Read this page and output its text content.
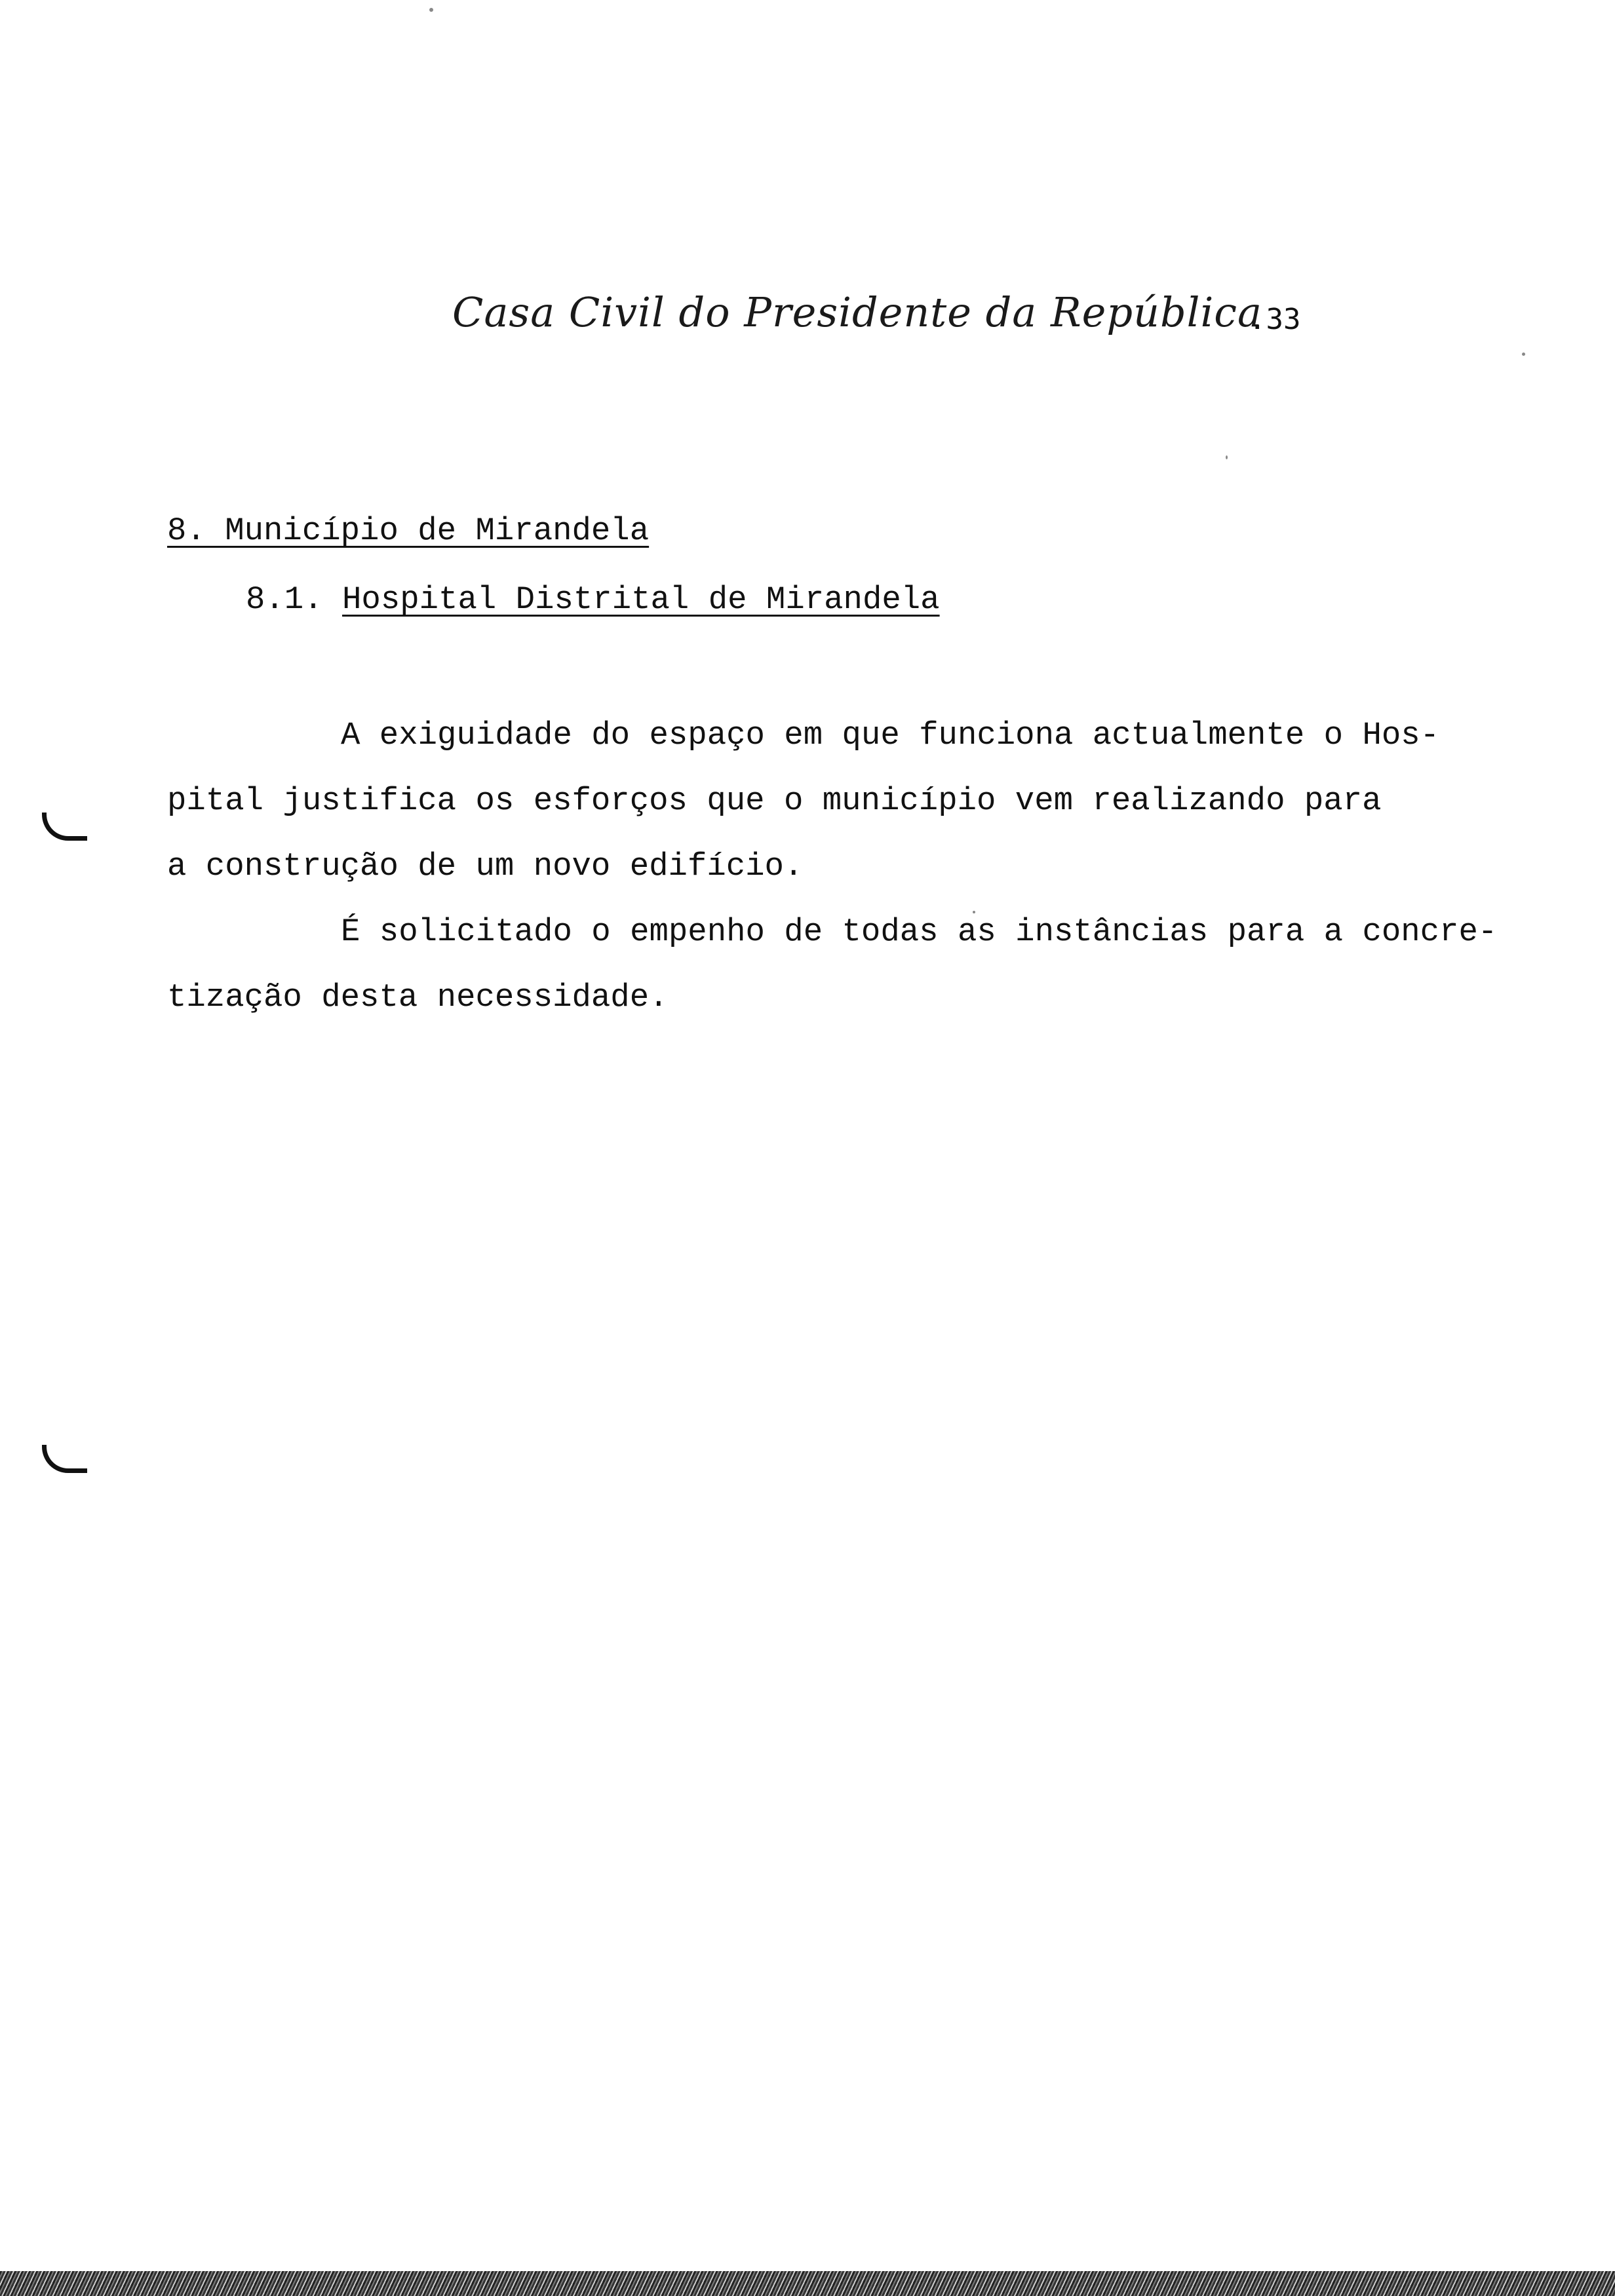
Casa Civil do Presidente da República
.33
8. Município de Mirandela
8.1. Hospital Distrital de Mirandela
A exiguidade do espaço em que funciona actualmente o Hos-
pital justifica os esforços que o município vem realizando para
a construção de um novo edifício.
É solicitado o empenho de todas as instâncias para a concre-
tização desta necessidade.
